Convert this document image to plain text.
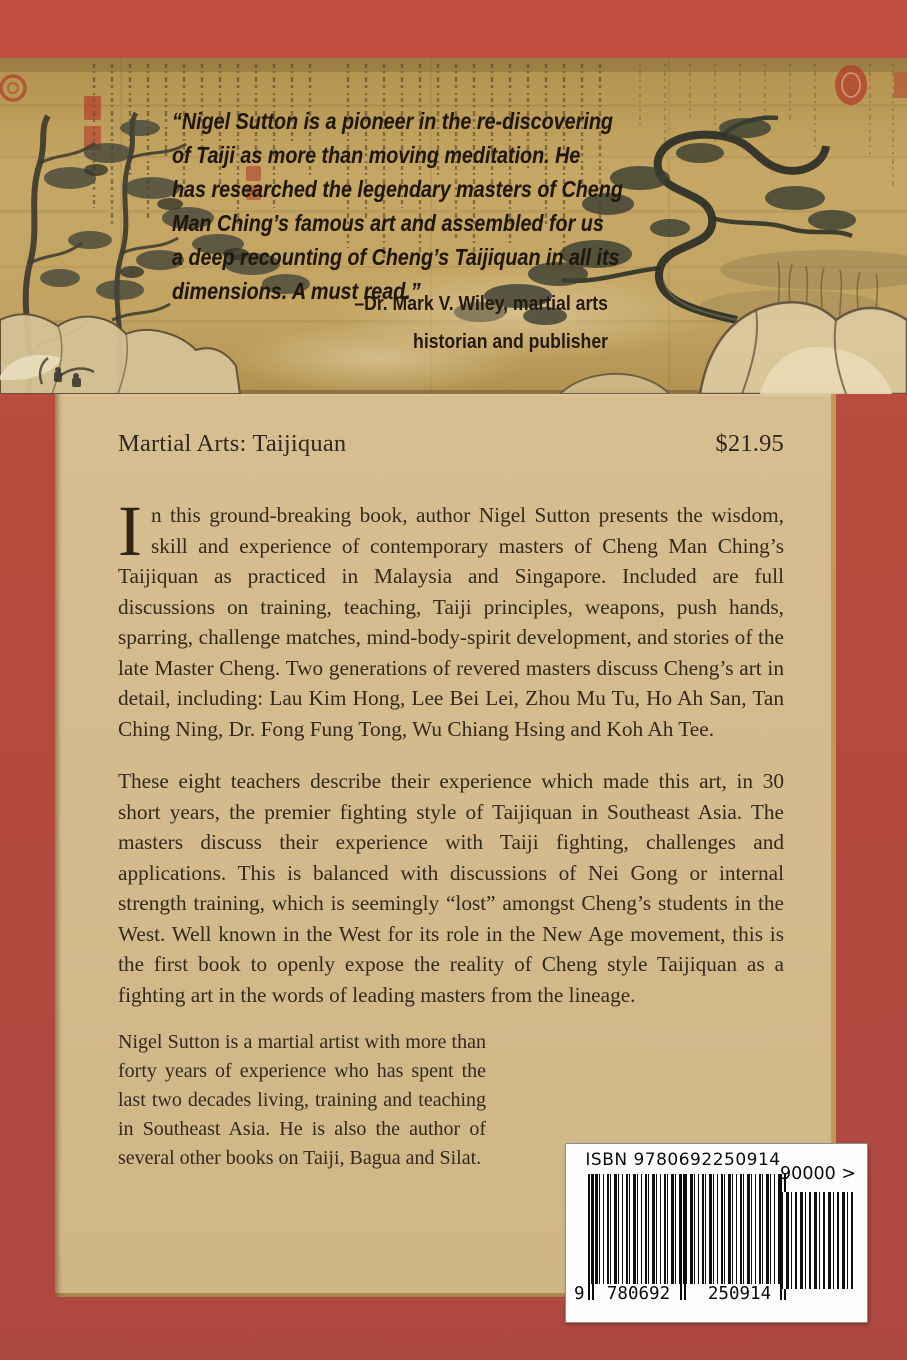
“Nigel Sutton is a pioneer in the re-discovering
of Taiji as more than moving meditation. He
has researched the legendary masters of Cheng
Man Ching’s famous art and assembled for us
a deep recounting of Cheng’s Taijiquan in all its
dimensions. A must read.”
–Dr. Mark V. Wiley, martial arts
historian and publisher
Martial Arts: Taijiquan	$21.95

In this ground-breaking book, author Nigel Sutton presents the wisdom, skill and experience of contemporary masters of Cheng Man Ching’s Taijiquan as practiced in Malaysia and Singapore. Included are full discussions on training, teaching, Taiji principles, weapons, push hands, sparring, challenge matches, mind-body-spirit development, and stories of the late Master Cheng. Two generations of revered masters discuss Cheng’s art in detail, including: Lau Kim Hong, Lee Bei Lei, Zhou Mu Tu, Ho Ah San, Tan Ching Ning, Dr. Fong Fung Tong, Wu Chiang Hsing and Koh Ah Tee.

These eight teachers describe their experience which made this art, in 30 short years, the premier fighting style of Taijiquan in Southeast Asia. The masters discuss their experience with Taiji fighting, challenges and applications. This is balanced with discussions of Nei Gong or internal strength training, which is seemingly “lost” amongst Cheng’s students in the West. Well known in the West for its role in the New Age movement, this is the first book to openly expose the reality of Cheng style Taijiquan as a fighting art in the words of leading masters from the lineage.

Nigel Sutton is a martial artist with more than forty years of experience who has spent the last two decades living, training and teaching in Southeast Asia. He is also the author of several other books on Taiji, Bagua and Silat.	ISBN 9780692250914
9	780692	250914
90000 >
